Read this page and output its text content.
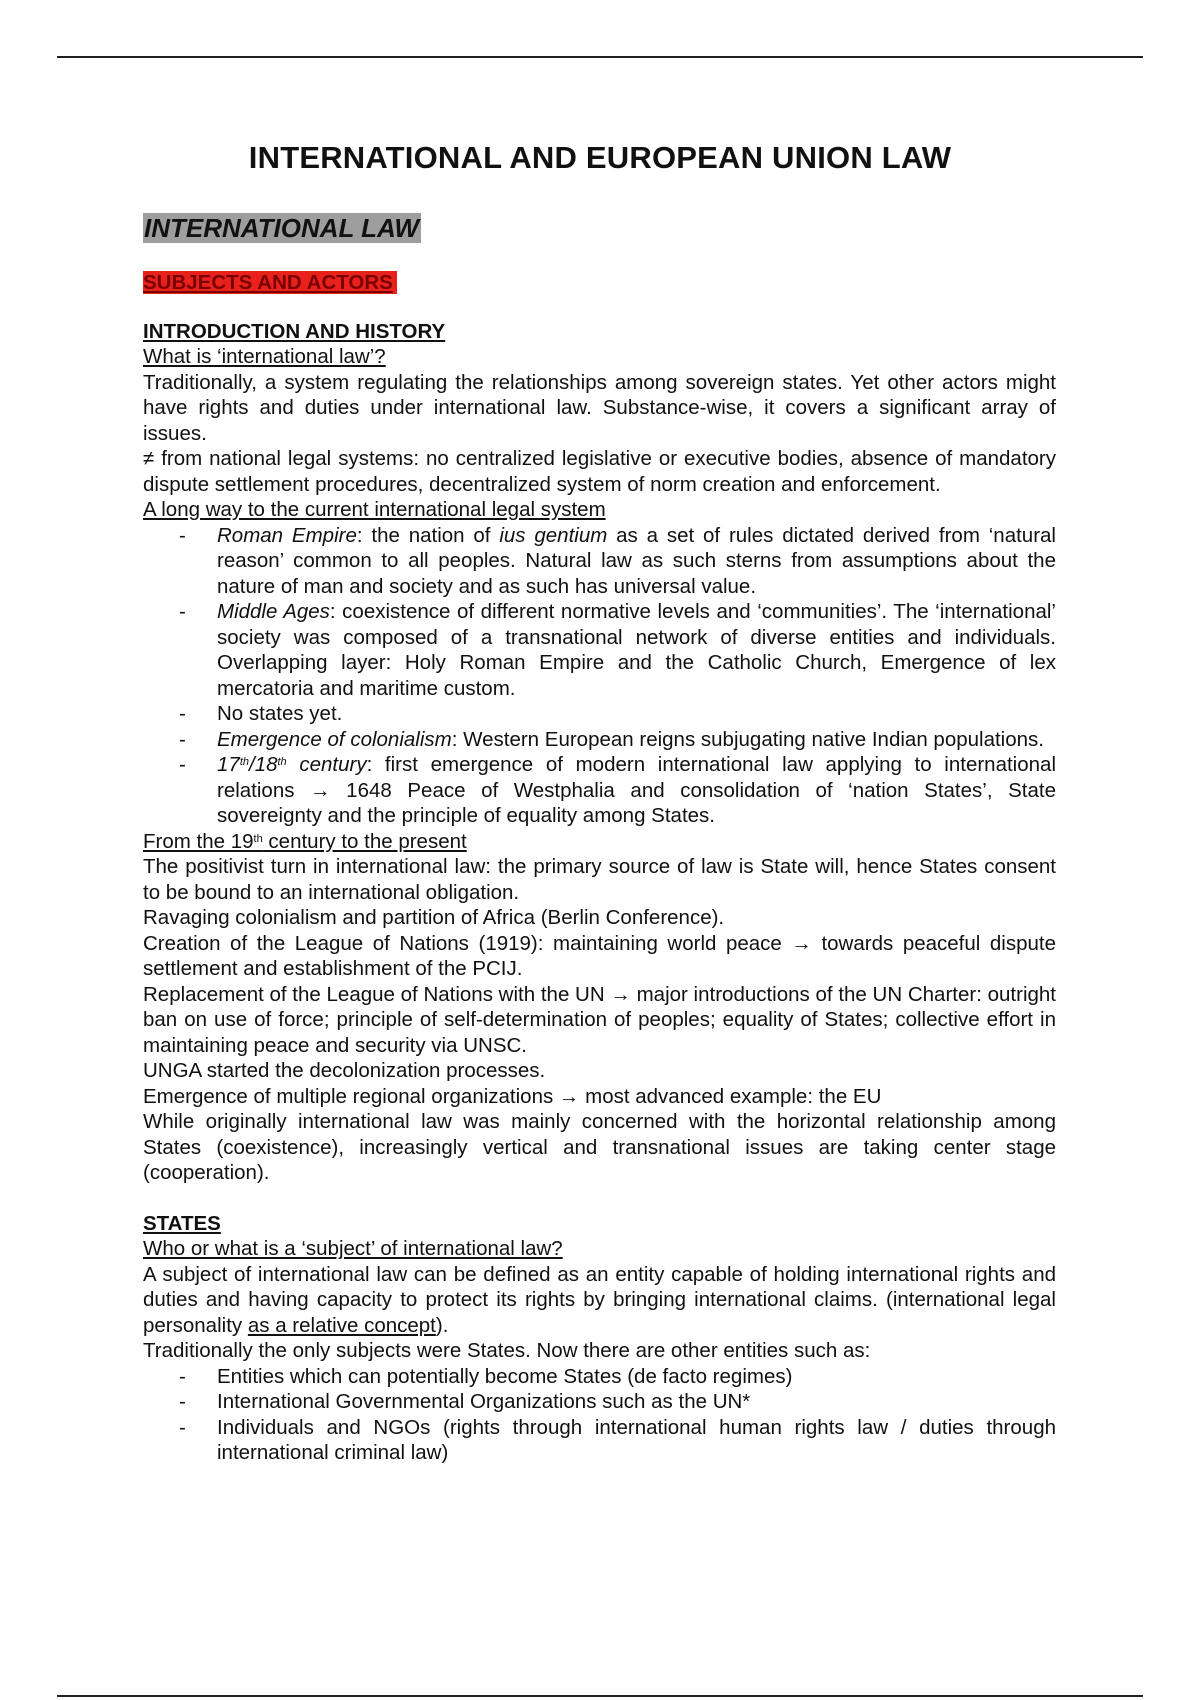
INTERNATIONAL AND EUROPEAN UNION LAW
INTERNATIONAL LAW
SUBJECTS AND ACTORS

INTRODUCTION AND HISTORY

What is ‘international law’?

Traditionally, a system regulating the relationships among sovereign states. Yet other actors might have rights and duties under international law. Substance-wise, it covers a significant array of issues.

≠ from national legal systems: no centralized legislative or executive bodies, absence of mandatory dispute settlement procedures, decentralized system of norm creation and enforcement.

A long way to the current international legal system

- Roman Empire: the nation of ius gentium as a set of rules dictated derived from ‘natural reason’ common to all peoples. Natural law as such sterns from assumptions about the nature of man and society and as such has universal value.
- Middle Ages: coexistence of different normative levels and ‘communities’. The ‘international’ society was composed of a transnational network of diverse entities and individuals. Overlapping layer: Holy Roman Empire and the Catholic Church, Emergence of lex mercatoria and maritime custom.
- No states yet.
- Emergence of colonialism: Western European reigns subjugating native Indian populations.
- 17th/18th century: first emergence of modern international law applying to international relations → 1648 Peace of Westphalia and consolidation of ‘nation States’, State sovereignty and the principle of equality among States.

From the 19th century to the present

The positivist turn in international law: the primary source of law is State will, hence States consent to be bound to an international obligation.

Ravaging colonialism and partition of Africa (Berlin Conference).

Creation of the League of Nations (1919): maintaining world peace → towards peaceful dispute settlement and establishment of the PCIJ.

Replacement of the League of Nations with the UN → major introductions of the UN Charter: outright ban on use of force; principle of self-determination of peoples; equality of States; collective effort in maintaining peace and security via UNSC.

UNGA started the decolonization processes.

Emergence of multiple regional organizations → most advanced example: the EU

While originally international law was mainly concerned with the horizontal relationship among States (coexistence), increasingly vertical and transnational issues are taking center stage (cooperation).

STATES

Who or what is a ‘subject’ of international law?

A subject of international law can be defined as an entity capable of holding international rights and duties and having capacity to protect its rights by bringing international claims. (international legal personality as a relative concept).

Traditionally the only subjects were States. Now there are other entities such as:

- Entities which can potentially become States (de facto regimes)
- International Governmental Organizations such as the UN*
- Individuals and NGOs (rights through international human rights law / duties through international criminal law)
